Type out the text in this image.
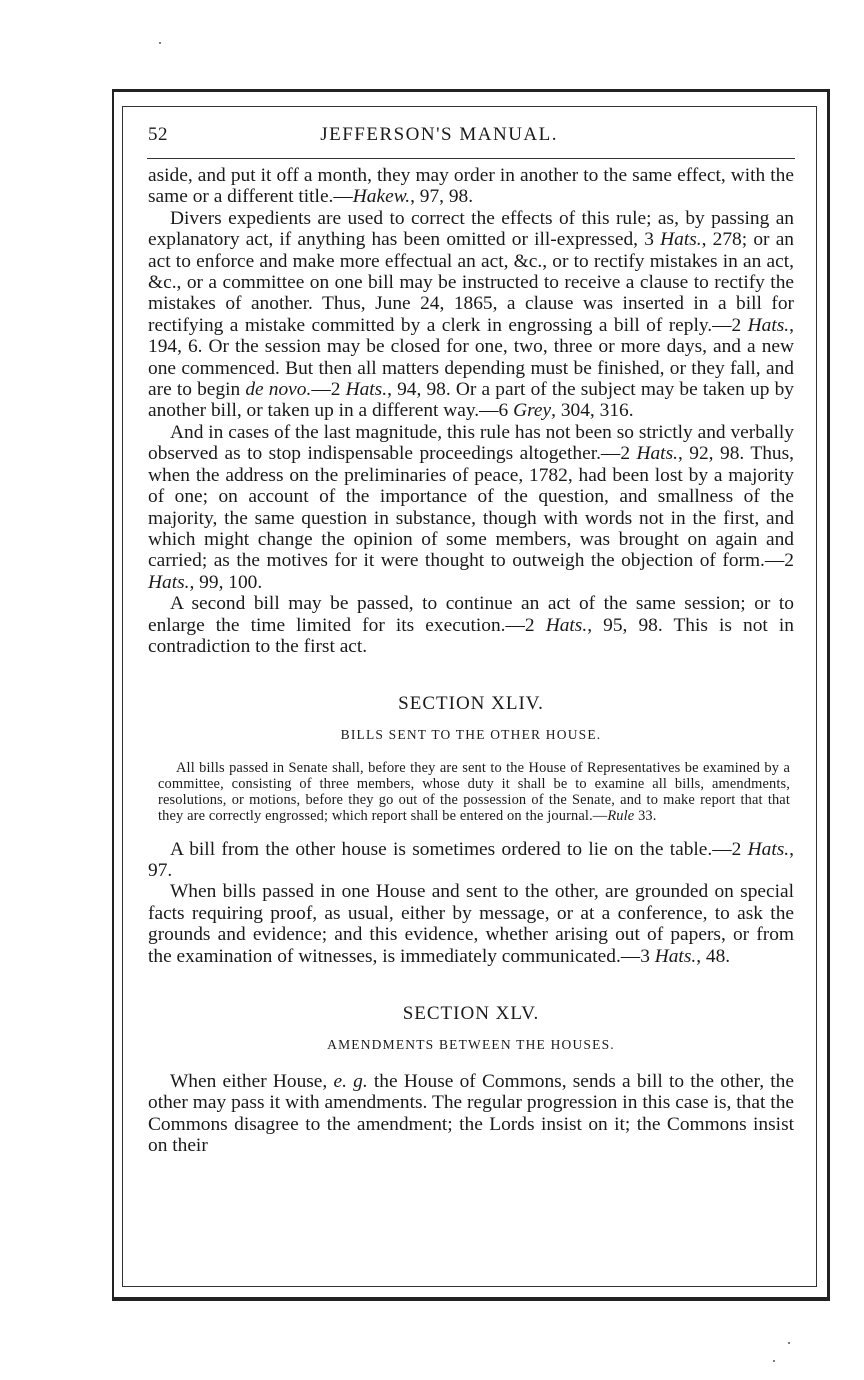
52	JEFFERSON'S MANUAL.

aside, and put it off a month, they may order in another to the same effect, with the same or a different title.—Hakew., 97, 98.

Divers expedients are used to correct the effects of this rule; as, by passing an explanatory act, if anything has been omitted or ill-expressed, 3 Hats., 278; or an act to enforce and make more effectual an act, &c., or to rectify mistakes in an act, &c., or a committee on one bill may be instructed to receive a clause to rectify the mistakes of another. Thus, June 24, 1865, a clause was inserted in a bill for rectifying a mistake committed by a clerk in engrossing a bill of reply.—2 Hats., 194, 6. Or the session may be closed for one, two, three or more days, and a new one commenced. But then all matters depending must be finished, or they fall, and are to begin de novo.—2 Hats., 94, 98. Or a part of the subject may be taken up by another bill, or taken up in a different way.—6 Grey, 304, 316.

And in cases of the last magnitude, this rule has not been so strictly and verbally observed as to stop indispensable proceedings altogether.—2 Hats., 92, 98. Thus, when the address on the preliminaries of peace, 1782, had been lost by a majority of one; on account of the importance of the question, and smallness of the majority, the same question in substance, though with words not in the first, and which might change the opinion of some members, was brought on again and carried; as the motives for it were thought to outweigh the objection of form.—2 Hats., 99, 100.

A second bill may be passed, to continue an act of the same session; or to enlarge the time limited for its execution.—2 Hats., 95, 98. This is not in contradiction to the first act.

SECTION XLIV.
BILLS SENT TO THE OTHER HOUSE.

All bills passed in Senate shall, before they are sent to the House of Representatives be examined by a committee, consisting of three members, whose duty it shall be to examine all bills, amendments, resolutions, or motions, before they go out of the possession of the Senate, and to make report that that they are correctly engrossed; which report shall be entered on the journal.—Rule 33.

A bill from the other house is sometimes ordered to lie on the table.—2 Hats., 97.

When bills passed in one House and sent to the other, are grounded on special facts requiring proof, as usual, either by message, or at a conference, to ask the grounds and evidence; and this evidence, whether arising out of papers, or from the examination of witnesses, is immediately communicated.—3 Hats., 48.

SECTION XLV.
AMENDMENTS BETWEEN THE HOUSES.

When either House, e. g. the House of Commons, sends a bill to the other, the other may pass it with amendments. The regular progression in this case is, that the Commons disagree to the amendment; the Lords insist on it; the Commons insist on their
